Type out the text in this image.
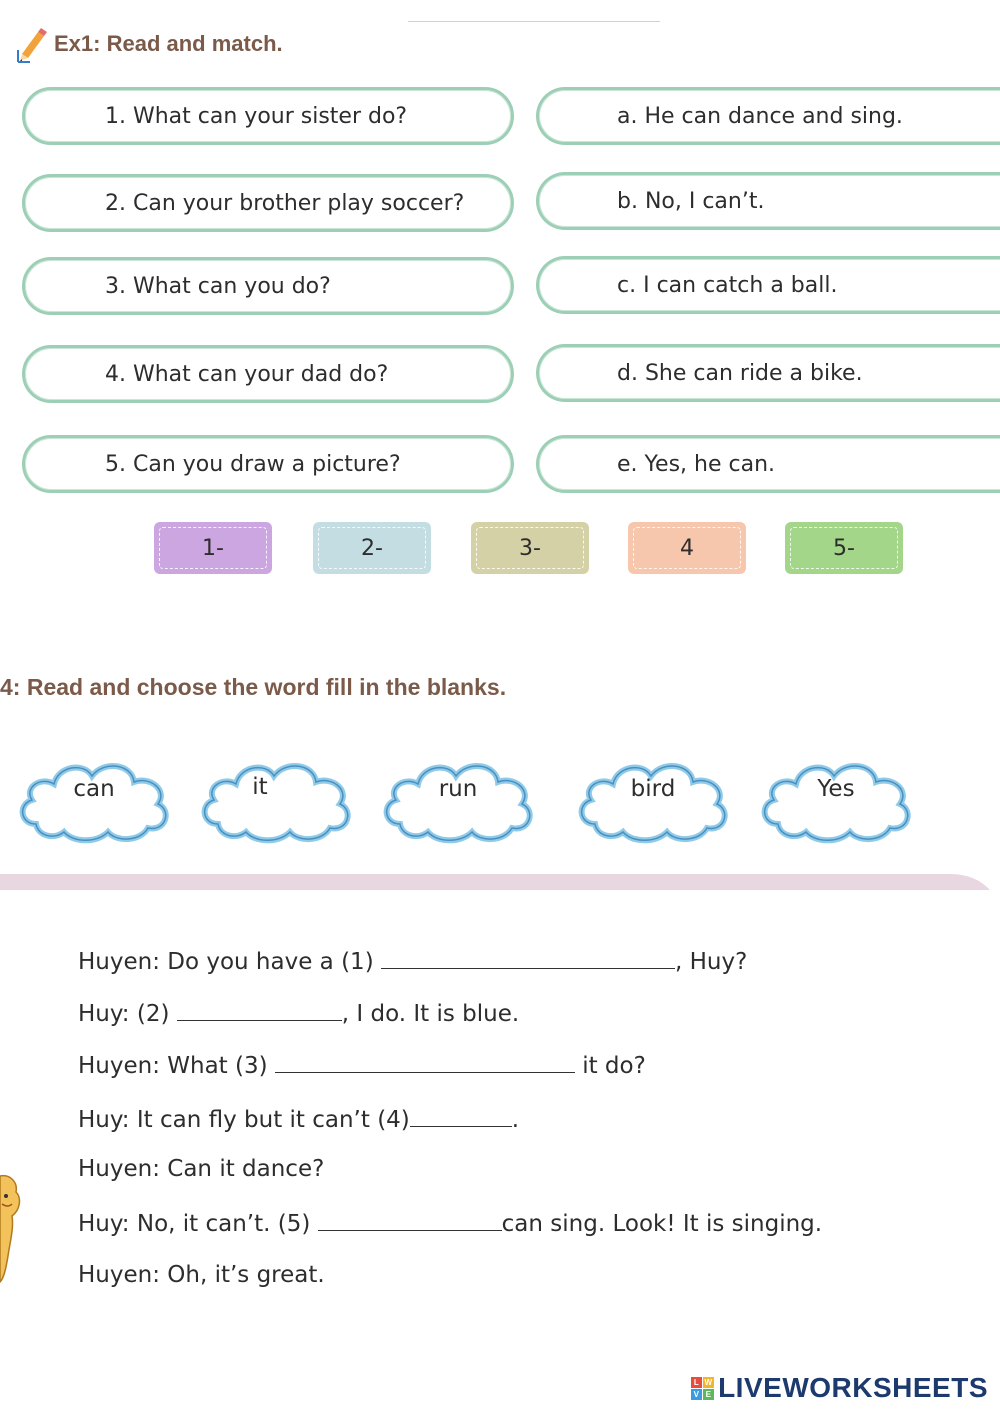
Ex1: Read and match.
1. What can your sister do?
2. Can your brother play soccer?
3. What can you do?
4. What can your dad do?
5. Can you draw a picture?
a. He can dance and sing.
b. No, I can’t.
c. I can catch a ball.
d. She can ride a bike.
e. Yes, he can.
1-	2-	3-	4	5-
4: Read and choose the word fill in the blanks.
can	it	run	bird	Yes
Huyen: Do you have a (1)	, Huy?
Huy: (2)	, I do. It is blue.
Huyen: What (3)	it do?
Huy: It can fly but it can’t (4)	.
Huyen: Can it dance?
Huy: No, it can’t. (5)	can sing. Look! It is singing.
Huyen: Oh, it’s great.
L W
V E LIVEWORKSHEETS
